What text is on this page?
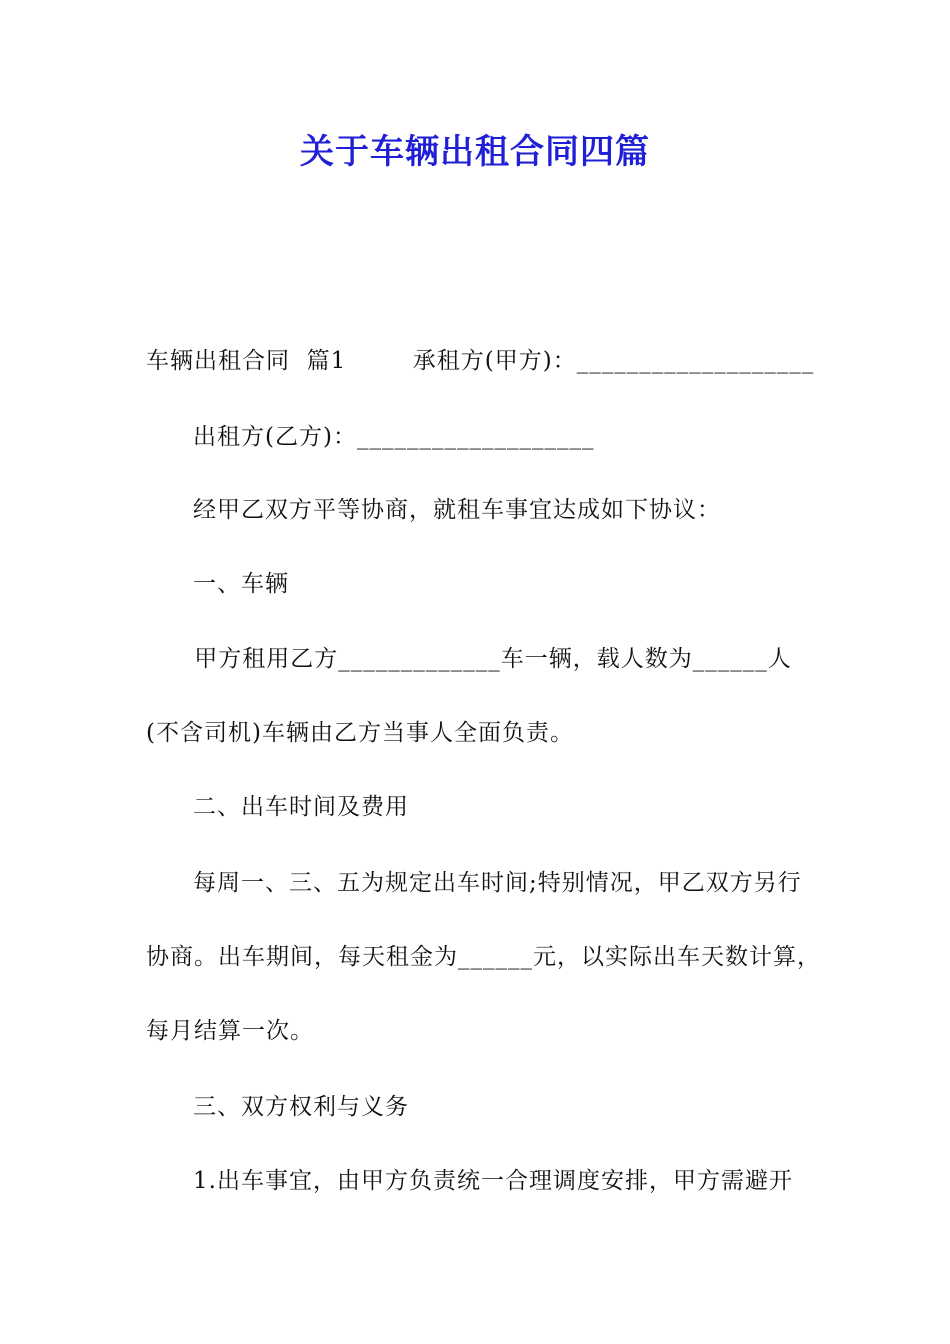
关于车辆出租合同四篇
车辆出租合同  篇1        承租方(甲方)：___________________
出租方(乙方)：___________________
经甲乙双方平等协商，就租车事宜达成如下协议：
一、车辆
甲方租用乙方_____________车一辆，载人数为______人
(不含司机)车辆由乙方当事人全面负责。
二、出车时间及费用
每周一、三、五为规定出车时间;特别情况，甲乙双方另行
协商。出车期间，每天租金为______元，以实际出车天数计算，
每月结算一次。
三、双方权利与义务
1.出车事宜，由甲方负责统一合理调度安排，甲方需避开
